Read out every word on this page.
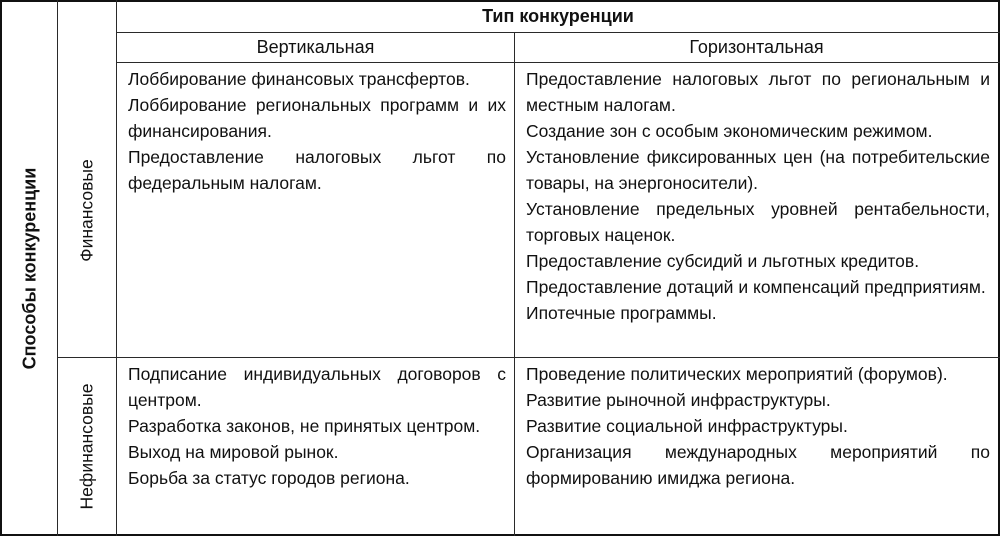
Способы конкуренции
Тип конкуренции
Вертикальная	Горизонтальная
Финансовые
Нефинансовые
Лоббирование финансовых трансфертов.
Лоббирование региональных программ и их финансирования.
Предоставление налоговых льгот по федеральным налогам.
Предоставление налоговых льгот по региональным и местным налогам.
Создание зон с особым экономическим режимом.
Установление фиксированных цен (на потребительские товары, на энергоносители).
Установление предельных уровней рентабельности, торговых наценок.
Предоставление субсидий и льготных кредитов.
Предоставление дотаций и компенсаций предприятиям.
Ипотечные программы.
Подписание индивидуальных договоров с центром.
Разработка законов, не принятых центром.
Выход на мировой рынок.
Борьба за статус городов региона.
Проведение политических мероприятий (форумов).
Развитие рыночной инфраструктуры.
Развитие социальной инфраструктуры.
Организация международных мероприятий по формированию имиджа региона.
